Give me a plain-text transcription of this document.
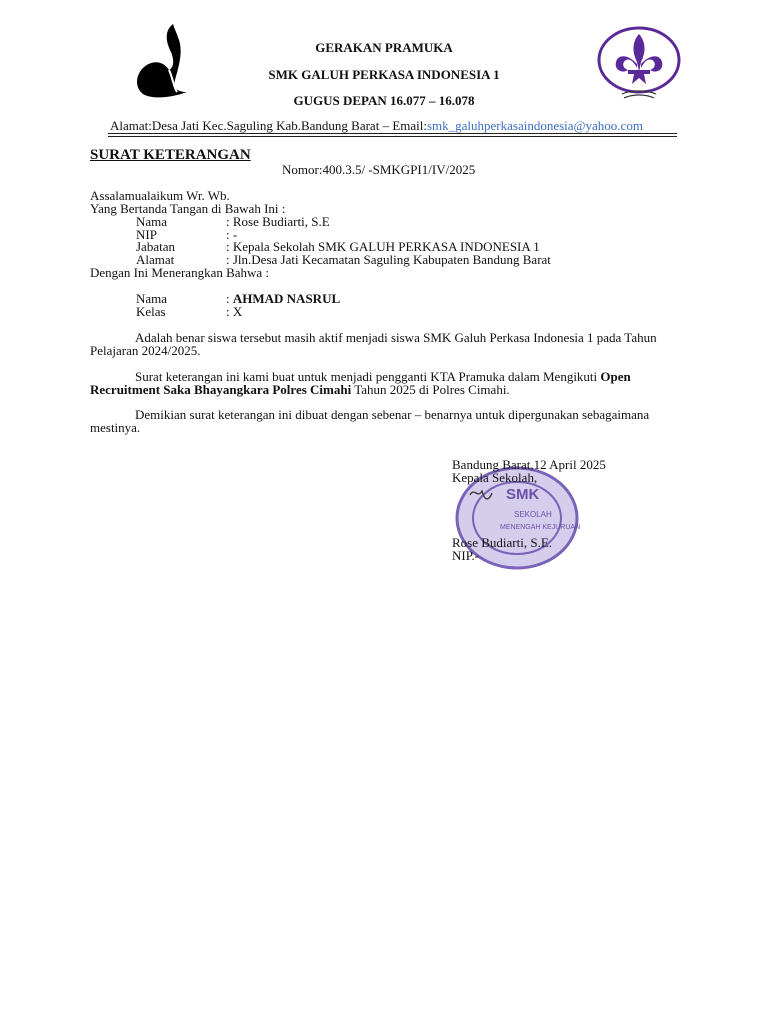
GERAKAN PRAMUKA
SMK GALUH PERKASA INDONESIA 1
GUGUS DEPAN 16.077 – 16.078
Alamat:Desa Jati Kec.Saguling Kab.Bandung Barat – Email:smk_galuhperkasaindonesia@yahoo.com
SURAT KETERANGAN
Nomor:400.3.5/ -SMKGPI1/IV/2025
Assalamualaikum Wr. Wb.
Yang Bertanda Tangan di Bawah Ini :
Nama	: Rose Budiarti, S.E
NIP	: -
Jabatan	: Kepala Sekolah SMK GALUH PERKASA INDONESIA 1
Alamat	: Jln.Desa Jati Kecamatan Saguling Kabupaten Bandung Barat
Dengan Ini Menerangkan Bahwa :
Nama	: AHMAD NASRUL
Kelas	: X
Adalah benar siswa tersebut masih aktif menjadi siswa SMK Galuh Perkasa Indonesia 1 pada Tahun Pelajaran 2024/2025.
Surat keterangan ini kami buat untuk menjadi pengganti KTA Pramuka dalam Mengikuti Open Recruitment Saka Bhayangkara Polres Cimahi Tahun 2025 di Polres Cimahi.
Demikian surat keterangan ini dibuat dengan sebenar – benarnya untuk dipergunakan sebagaimana mestinya.
SMK
SEKOLAH
MENENGAH KEJURUAN
Bandung Barat,12 April 2025
Kepala Sekolah,
Rose Budiarti, S.E.
NIP.-
